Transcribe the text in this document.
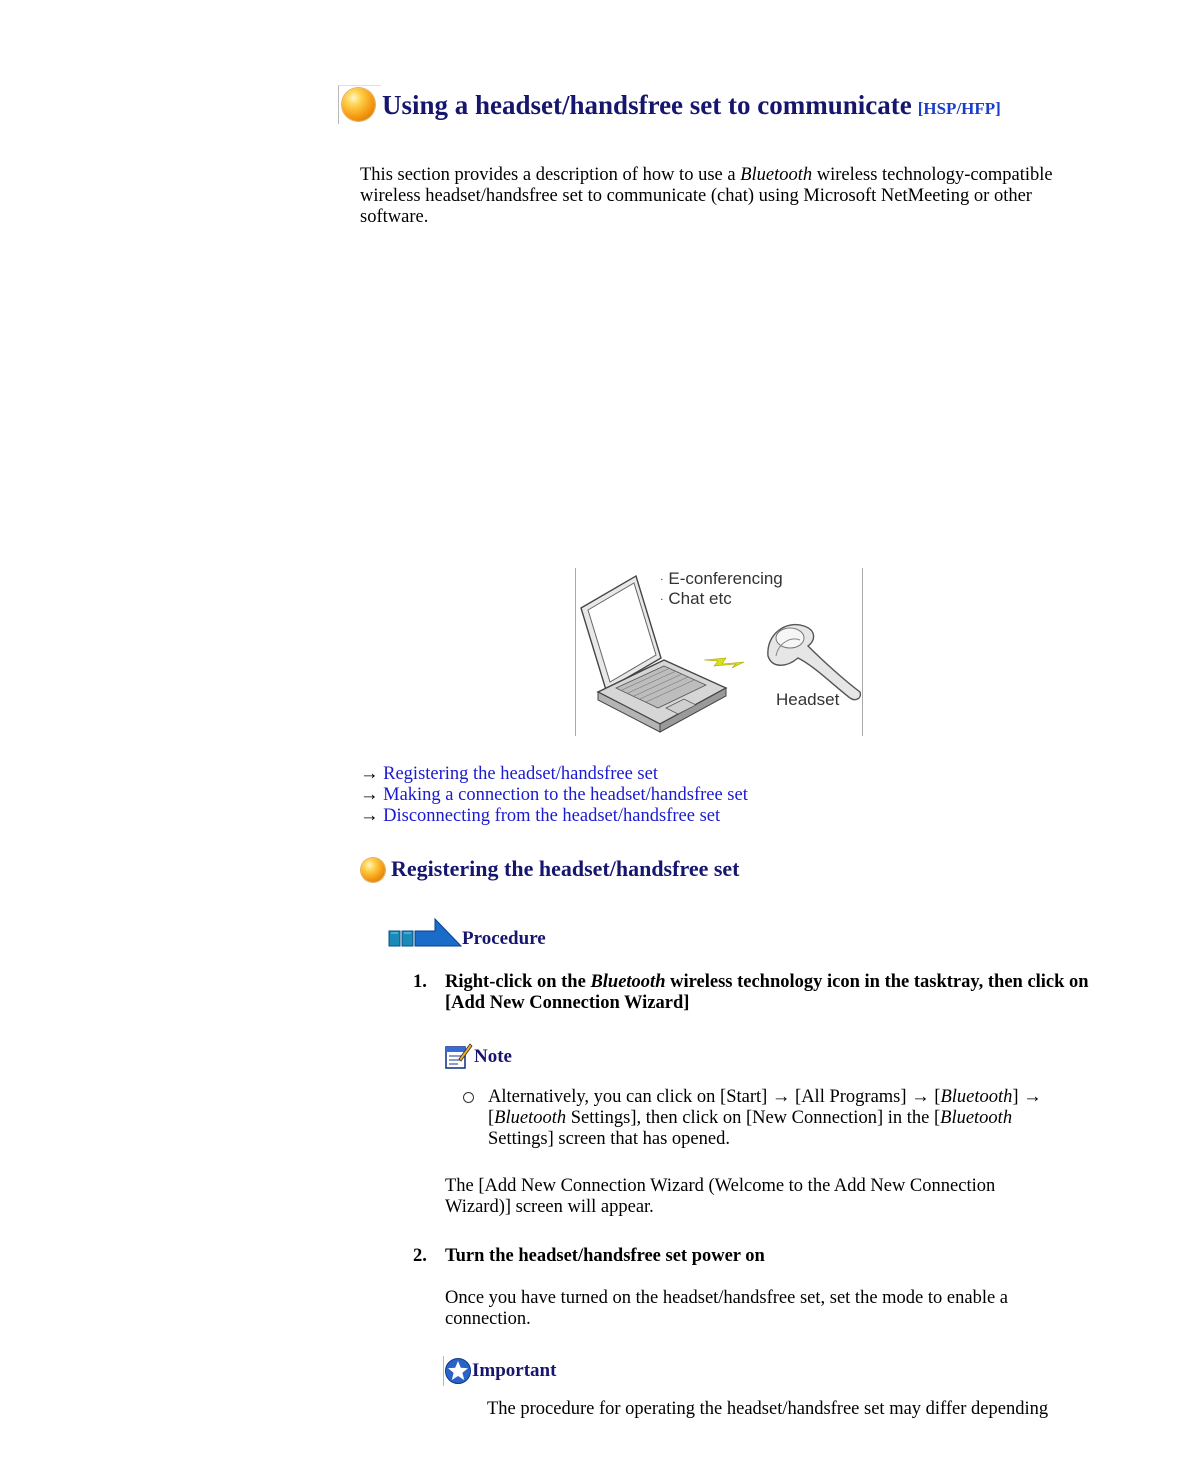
Using a headset/handsfree set to communicate [HSP/HFP]
This section provides a description of how to use a Bluetooth wireless technology-compatible wireless headset/handsfree set to communicate (chat) using Microsoft NetMeeting or other software.
· E-conferencing
· Chat etc
Headset
→ Registering the headset/handsfree set
→ Making a connection to the headset/handsfree set
→ Disconnecting from the headset/handsfree set
Registering the headset/handsfree set
Procedure
1. Right-click on the Bluetooth wireless technology icon in the tasktray, then click on [Add New Connection Wizard]
Note
Alternatively, you can click on [Start] → [All Programs] → [Bluetooth] →
[Bluetooth Settings], then click on [New Connection] in the [Bluetooth
Settings] screen that has opened.
The [Add New Connection Wizard (Welcome to the Add New Connection Wizard)] screen will appear.
2. Turn the headset/handsfree set power on
Once you have turned on the headset/handsfree set, set the mode to enable a connection.
Important
The procedure for operating the headset/handsfree set may differ depending
